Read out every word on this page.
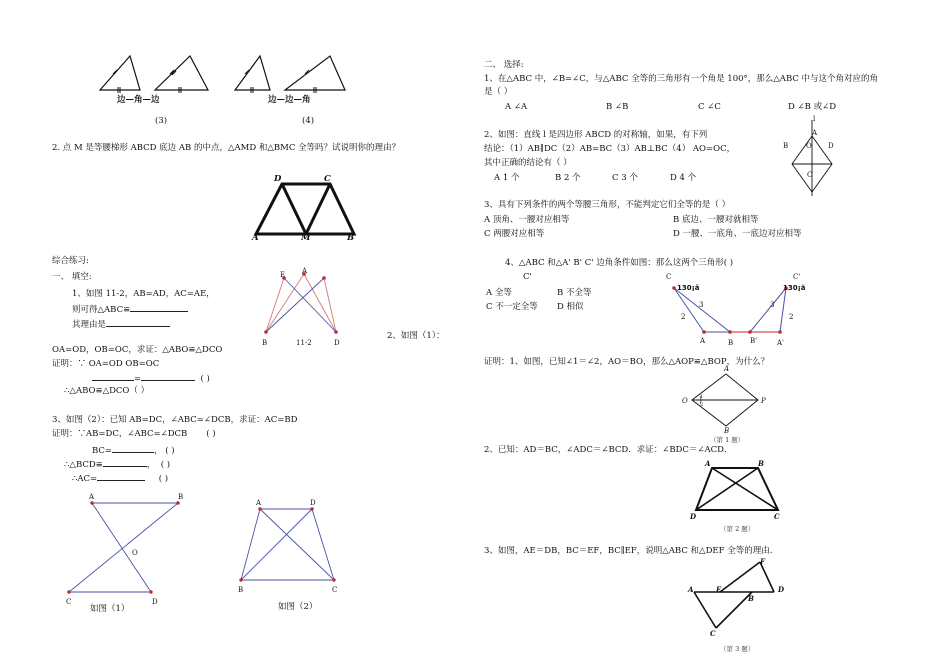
边—角—边	边—边—角
(3)	(4)
2. 点 M 是等腰梯形 ABCD 底边 AB 的中点，△AMD 和△BMC 全等吗？试说明你的理由？
D	C
A	M	B
综合练习:
一、 填空:
1、如图 11-2，AB=AD，AC=AE，
则可得△ABC≌
其理由是
E A
B	D
11-2
2、如图（1）：
OA=OD，OB=OC，求证：△ABO≌△DCO
证明：∵ OA=OD OB=OC
=	( )
∴△ABO≌△DCO（ ）
3、如图（2）：已知 AB=DC，∠ABC=∠DCB，求证：AC=BD
证明：∵AB=DC，∠ABC=∠DCB ( )
BC=	， ( )
∴△BCD≌	， ( )
∴AC=	( )
A	B
O
C	D
如图（1）
A	D
B	C
如图（2）
二、 选择:
1、在△ABC 中，∠B=∠C，与△ABC 全等的三角形有一个角是 100°，那么△ABC 中与这个角对应的角
是（ ）
A ∠A	B ∠B	C ∠C	D ∠B 或∠D
2、如图：直线 l 是四边形 ABCD 的对称轴，如果，有下列
结论：（1）AB∥DC（2）AB=BC（3）AB⊥BC（4） AO=OC，
其中正确的结论有（ ）
A 1 个	B 2 个	C 3 个	D 4 个
l
A
B	O D
C
3、具有下列条件的两个等腰三角形，不能判定它们全等的是（ ）
A 顶角、一腰对应相等	B 底边、一腰对就相等
C 两腰对应相等	D 一腰、一底角、一底边对应相等
4、△ABC 和△A' B' C' 边角条件如图：那么这两个三角形( )
C'
A 全等	B 不全等
C 不一定全等 D 相似
C	C'
130¡ã	130¡ã
3
2
3
2
A	B B'	A'
证明：1、如图，已知∠1＝∠2，AO＝BO，那么△AOP≌△BOP，为什么？
A
O	P
B
1
2
（第 1 题）
2、已知：AD＝BC，∠ADC＝∠BCD．求证：∠BDC＝∠ACD．
A	B
D	C
（第 2 题）
3、如图，AE＝DB，BC＝EF，BC∥EF，说明△ABC 和△DEF 全等的理由.
F
A	E	D
B
C
（第 3 题）
